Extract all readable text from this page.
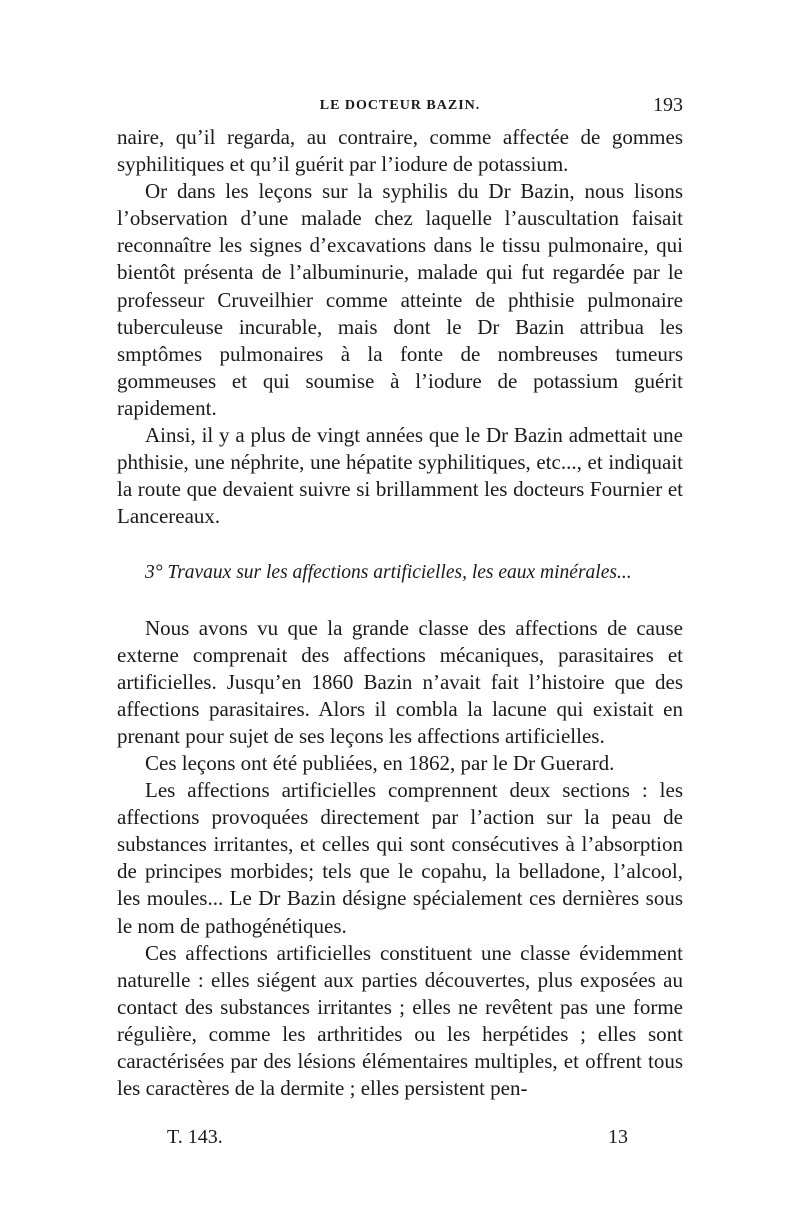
LE DOCTEUR BAZIN.	193

naire, qu’il regarda, au contraire, comme affectée de gommes syphilitiques et qu’il guérit par l’iodure de potassium.

Or dans les leçons sur la syphilis du Dr Bazin, nous lisons l’observation d’une malade chez laquelle l’auscultation faisait reconnaître les signes d’excavations dans le tissu pulmonaire, qui bientôt présenta de l’albuminurie, malade qui fut regardée par le professeur Cruveilhier comme atteinte de phthisie pulmonaire tuberculeuse incurable, mais dont le Dr Bazin attribua les smptômes pulmonaires à la fonte de nombreuses tumeurs gommeuses et qui soumise à l’iodure de potassium guérit rapidement.

Ainsi, il y a plus de vingt années que le Dr Bazin admettait une phthisie, une néphrite, une hépatite syphilitiques, etc..., et indiquait la route que devaient suivre si brillamment les docteurs Fournier et Lancereaux.

3° Travaux sur les affections artificielles, les eaux minérales...

Nous avons vu que la grande classe des affections de cause externe comprenait des affections mécaniques, parasitaires et artificielles. Jusqu’en 1860 Bazin n’avait fait l’histoire que des affections parasitaires. Alors il combla la lacune qui existait en prenant pour sujet de ses leçons les affections artificielles.

Ces leçons ont été publiées, en 1862, par le Dr Guerard.

Les affections artificielles comprennent deux sections : les affections provoquées directement par l’action sur la peau de substances irritantes, et celles qui sont consécutives à l’absorption de principes morbides; tels que le copahu, la belladone, l’alcool, les moules... Le Dr Bazin désigne spécialement ces dernières sous le nom de pathogénétiques.

Ces affections artificielles constituent une classe évidemment naturelle : elles siégent aux parties découvertes, plus exposées au contact des substances irritantes ; elles ne revêtent pas une forme régulière, comme les arthritides ou les herpétides ; elles sont caractérisées par des lésions élémentaires multiples, et offrent tous les caractères de la dermite ; elles persistent pen-

T. 143.	13
